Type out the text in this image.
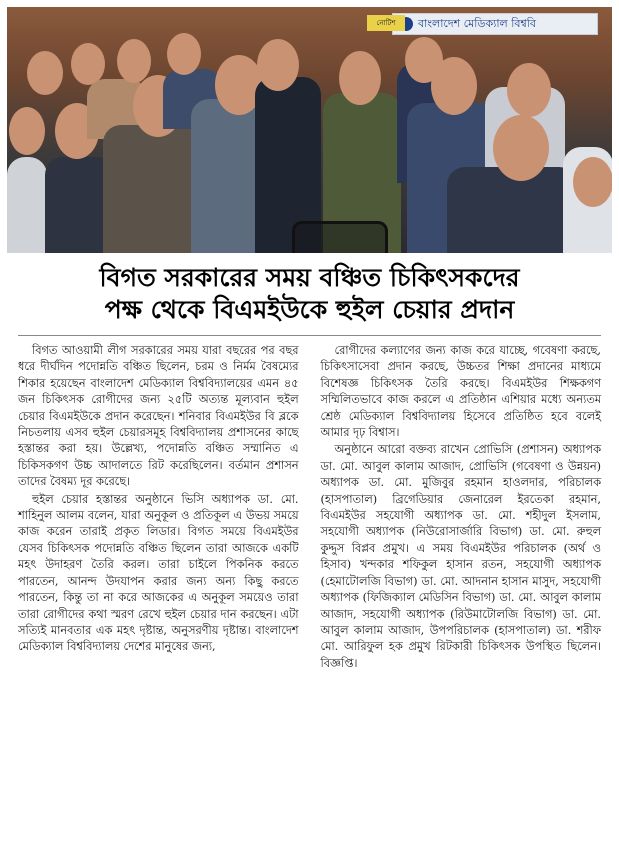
বাংলাদেশ মেডিক্যাল বিশ্ববি
নোটিশ
বিগত সরকারের সময় বঞ্চিত চিকিৎসকদের
পক্ষ থেকে বিএমইউকে হুইল চেয়ার প্রদান

বিগত আওয়ামী লীগ সরকারের সময় যারা বছরের পর বছর ধরে দীর্ঘদিন পদোন্নতি বঞ্চিত ছিলেন, চরম ও নির্মম বৈষম্যের শিকার হয়েছেন বাংলাদেশ মেডিক্যাল বিশ্ববিদ্যালয়ের এমন ৪৫ জন চিকিৎসক রোগীদের জন্য ২৫টি অত্যন্ত মূল্যবান হুইল চেয়ার বিএমইউকে প্রদান করেছেন। শনিবার বিএমইউর বি ব্লকে নিচতলায় এসব হুইল চেয়ারসমূহ বিশ্ববিদ্যালয় প্রশাসনের কাছে হস্তান্তর করা হয়। উল্লেখ্য, পদোন্নতি বঞ্চিত সম্মানিত এ চিকিসকগণ উচ্চ আদালতে রিট করেছিলেন। বর্তমান প্রশাসন তাদের বৈষম্য দূর করেছে।

হুইল চেয়ার হস্তান্তর অনুষ্ঠানে ভিসি অধ্যাপক ডা. মো. শাহিনুল আলম বলেন, যারা অনুকূল ও প্রতিকূল এ উভয় সময়ে কাজ করেন তারাই প্রকৃত লিডার। বিগত সময়ে বিএমইউর যেসব চিকিৎসক পদোন্নতি বঞ্চিত ছিলেন তারা আজকে একটি মহৎ উদাহরণ তৈরি করল। তারা চাইলে পিকনিক করতে পারতেন, আনন্দ উদযাপন করার জন্য অন্য কিছু করতে পারতেন, কিন্তু তা না করে আজকের এ অনুকূল সময়েও তারা তারা রোগীদের কথা স্মরণ রেখে হুইল চেয়ার দান করছেন। এটা সত্যিই মানবতার এক মহৎ দৃষ্টান্ত, অনুসরণীয় দৃষ্টান্ত। বাংলাদেশ মেডিক্যাল বিশ্ববিদ্যালয় দেশের মানুষের জন্য,

রোগীদের কল্যাণের জন্য কাজ করে যাচ্ছে, গবেষণা করছে, চিকিৎসাসেবা প্রদান করছে, উচ্চতর শিক্ষা প্রদানের মাধ্যমে বিশেষজ্ঞ চিকিৎসক তৈরি করছে। বিএমইউর শিক্ষকগণ সম্মিলিতভাবে কাজ করলে এ প্রতিষ্ঠান এশিয়ার মধ্যে অন্যতম শ্রেষ্ঠ মেডিক্যাল বিশ্ববিদ্যালয় হিসেবে প্রতিষ্ঠিত হবে বলেই আমার দৃঢ় বিশ্বাস।

অনুষ্ঠানে আরো বক্তব্য রাখেন প্রোভিসি (প্রশাসন) অধ্যাপক ডা. মো. আবুল কালাম আজাদ, প্রোভিসি (গবেষণা ও উন্নয়ন) অধ্যাপক ডা. মো. মুজিবুর রহমান হাওলদার, পরিচালক (হাসপাতাল) ব্রিগেডিয়ার জেনারেল ইরতেকা রহমান, বিএমইউর সহযোগী অধ্যাপক ডা. মো. শহীদুল ইসলাম, সহযোগী অধ্যাপক (নিউরোসার্জারি বিভাগ) ডা. মো. রুহুল কুদ্দুস বিপ্লব প্রমুখ। এ সময় বিএমইউর পরিচালক (অর্থ ও হিসাব) খন্দকার শফিকুল হাসান রতন, সহযোগী অধ্যাপক (হেমাটোলজি বিভাগ) ডা. মো. আদনান হাসান মাসুদ, সহযোগী অধ্যাপক (ফিজিক্যাল মেডিসিন বিভাগ) ডা. মো. আবুল কালাম আজাদ, সহযোগী অধ্যাপক (রিউমাটোলজি বিভাগ) ডা. মো. আবুল কালাম আজাদ, উপপরিচালক (হাসপাতাল) ডা. শরীফ মো. আরিফুল হক প্রমুখ রিটকারী চিকিৎসক উপস্থিত ছিলেন। বিজ্ঞপ্তি।
